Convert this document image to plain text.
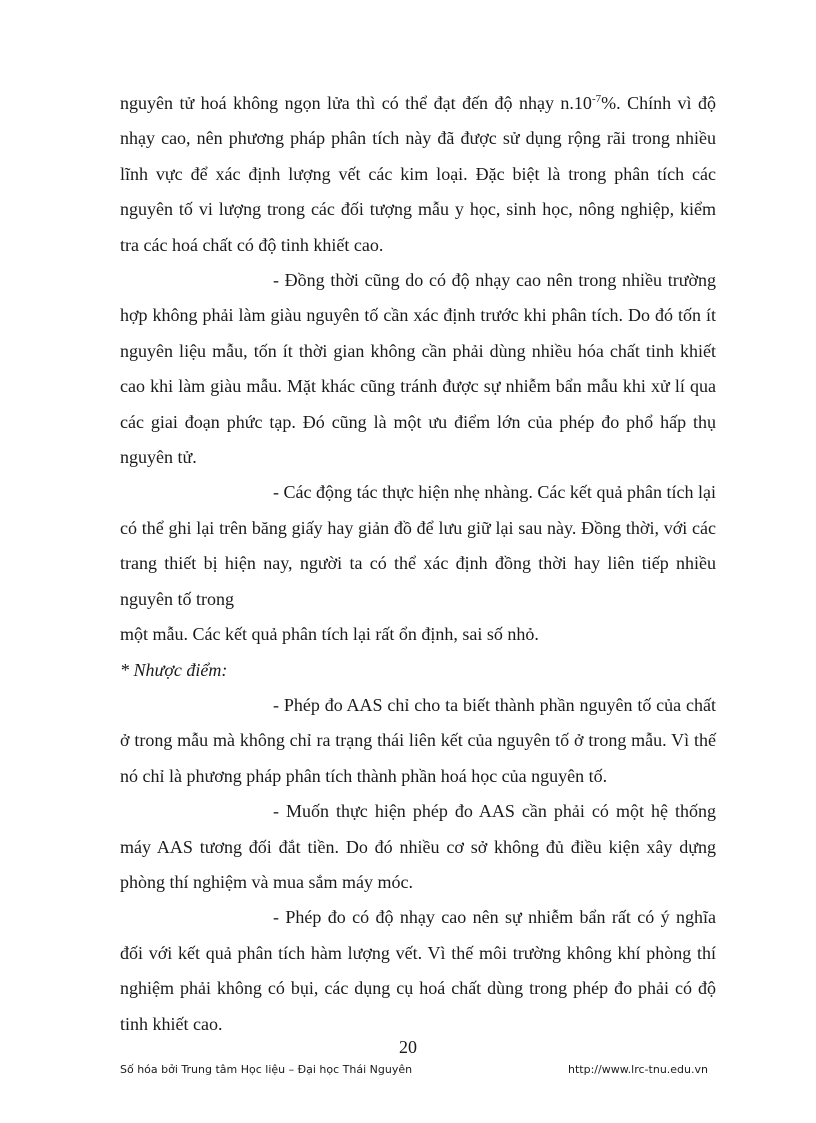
nguyên tử hoá không ngọn lửa thì có thể đạt đến độ nhạy $n.10^{-7}\%$. Chính vì độ nhạy cao, nên phương pháp phân tích này đã được sử dụng rộng rãi trong nhiều lĩnh vực để xác định lượng vết các kim loại. Đặc biệt là trong phân tích các nguyên tố vi lượng trong các đối tượng mẫu y học, sinh học, nông nghiệp, kiểm tra các hoá chất có độ tinh khiết cao.

- Đồng thời cũng do có độ nhạy cao nên trong nhiều trường hợp không phải làm giàu nguyên tố cần xác định trước khi phân tích. Do đó tốn ít nguyên liệu mẫu, tốn ít thời gian không cần phải dùng nhiều hóa chất tinh khiết cao khi làm giàu mẫu. Mặt khác cũng tránh được sự nhiễm bẩn mẫu khi xử lí qua các giai đoạn phức tạp. Đó cũng là một ưu điểm lớn của phép đo phổ hấp thụ nguyên tử.

- Các động tác thực hiện nhẹ nhàng. Các kết quả phân tích lại có thể ghi lại trên băng giấy hay giản đồ để lưu giữ lại sau này. Đồng thời, với các trang thiết bị hiện nay, người ta có thể xác định đồng thời hay liên tiếp nhiều nguyên tố trong

một mẫu. Các kết quả phân tích lại rất ổn định, sai số nhỏ.

* Nhược điểm:

- Phép đo AAS chỉ cho ta biết thành phần nguyên tố của chất ở trong mẫu mà không chỉ ra trạng thái liên kết của nguyên tố ở trong mẫu. Vì thế nó chỉ là phương pháp phân tích thành phần hoá học của nguyên tố.

- Muốn thực hiện phép đo AAS cần phải có một hệ thống máy AAS tương đối đắt tiền. Do đó nhiều cơ sở không đủ điều kiện xây dựng phòng thí nghiệm và mua sắm máy móc.

- Phép đo có độ nhạy cao nên sự nhiễm bẩn rất có ý nghĩa đối với kết quả phân tích hàm lượng vết. Vì thế môi trường không khí phòng thí nghiệm phải không có bụi, các dụng cụ hoá chất dùng trong phép đo phải có độ tinh khiết cao.

20
Số hóa bởi Trung tâm Học liệu – Đại học Thái Nguyên	http://www.lrc-tnu.edu.vn
